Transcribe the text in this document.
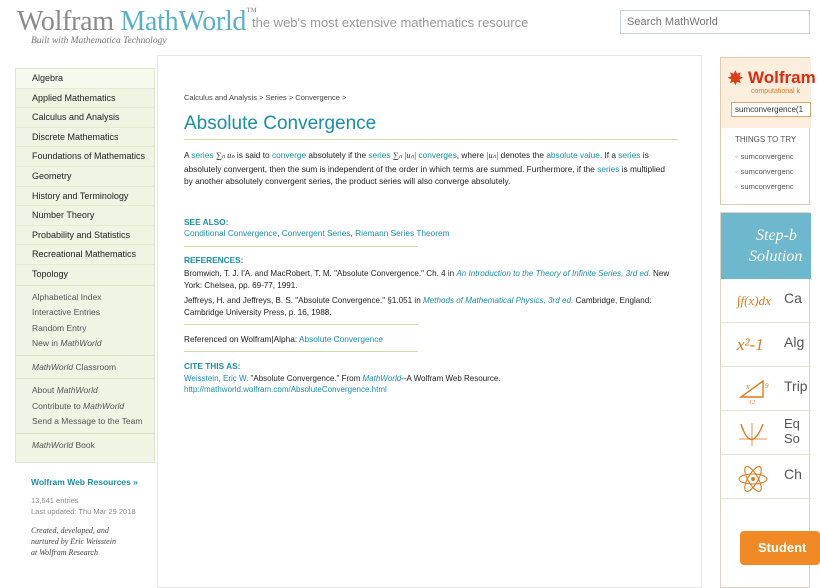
Wolfram MathWorld™
Built with Mathematica Technology
the web's most extensive mathematics resource
Search MathWorld
Algebra
Applied Mathematics
Calculus and Analysis
Discrete Mathematics
Foundations of Mathematics
Geometry
History and Terminology
Number Theory
Probability and Statistics
Recreational Mathematics
Topology
Alphabetical Index
Interactive Entries
Random Entry
New in MathWorld
MathWorld Classroom
About MathWorld
Contribute to MathWorld
Send a Message to the Team
MathWorld Book
Wolfram Web Resources »
13,641 entries
Last updated: Thu Mar 29 2018
Created, developed, and
nurtured by Eric Weisstein
at Wolfram Research
Calculus and Analysis > Series > Convergence >
Absolute Convergence
A series ∑ₙ uₙ is said to converge absolutely if the series ∑ₙ |uₙ| converges, where |uₙ| denotes the absolute value. If a series is absolutely convergent, then the sum is independent of the order in which terms are summed. Furthermore, if the series is multiplied by another absolutely convergent series, the product series will also converge absolutely.
SEE ALSO:
Conditional Convergence, Convergent Series, Riemann Series Theorem
REFERENCES:
Bromwich, T. J. I'A. and MacRobert, T. M. "Absolute Convergence." Ch. 4 in An Introduction to the Theory of Infinite Series, 3rd ed. New York: Chelsea, pp. 69-77, 1991.
Jeffreys, H. and Jeffreys, B. S. "Absolute Convergence." §1.051 in Methods of Mathematical Physics, 3rd ed. Cambridge, England: Cambridge University Press, p. 16, 1988.
Referenced on Wolfram|Alpha: Absolute Convergence
CITE THIS AS:
Weisstein, Eric W. "Absolute Convergence." From MathWorld--A Wolfram Web Resource.
http://mathworld.wolfram.com/AbsoluteConvergence.html
✸ Wolfram
computational k
sumconvergence(1
THINGS TO TRY
◦ sumconvergenc
◦ sumconvergenc
◦ sumconvergenc
Step-b
Solution
∫f(x)dx Ca
x²-1	Alg
x 9
12
Trip
Eq
So
Ch
Student
